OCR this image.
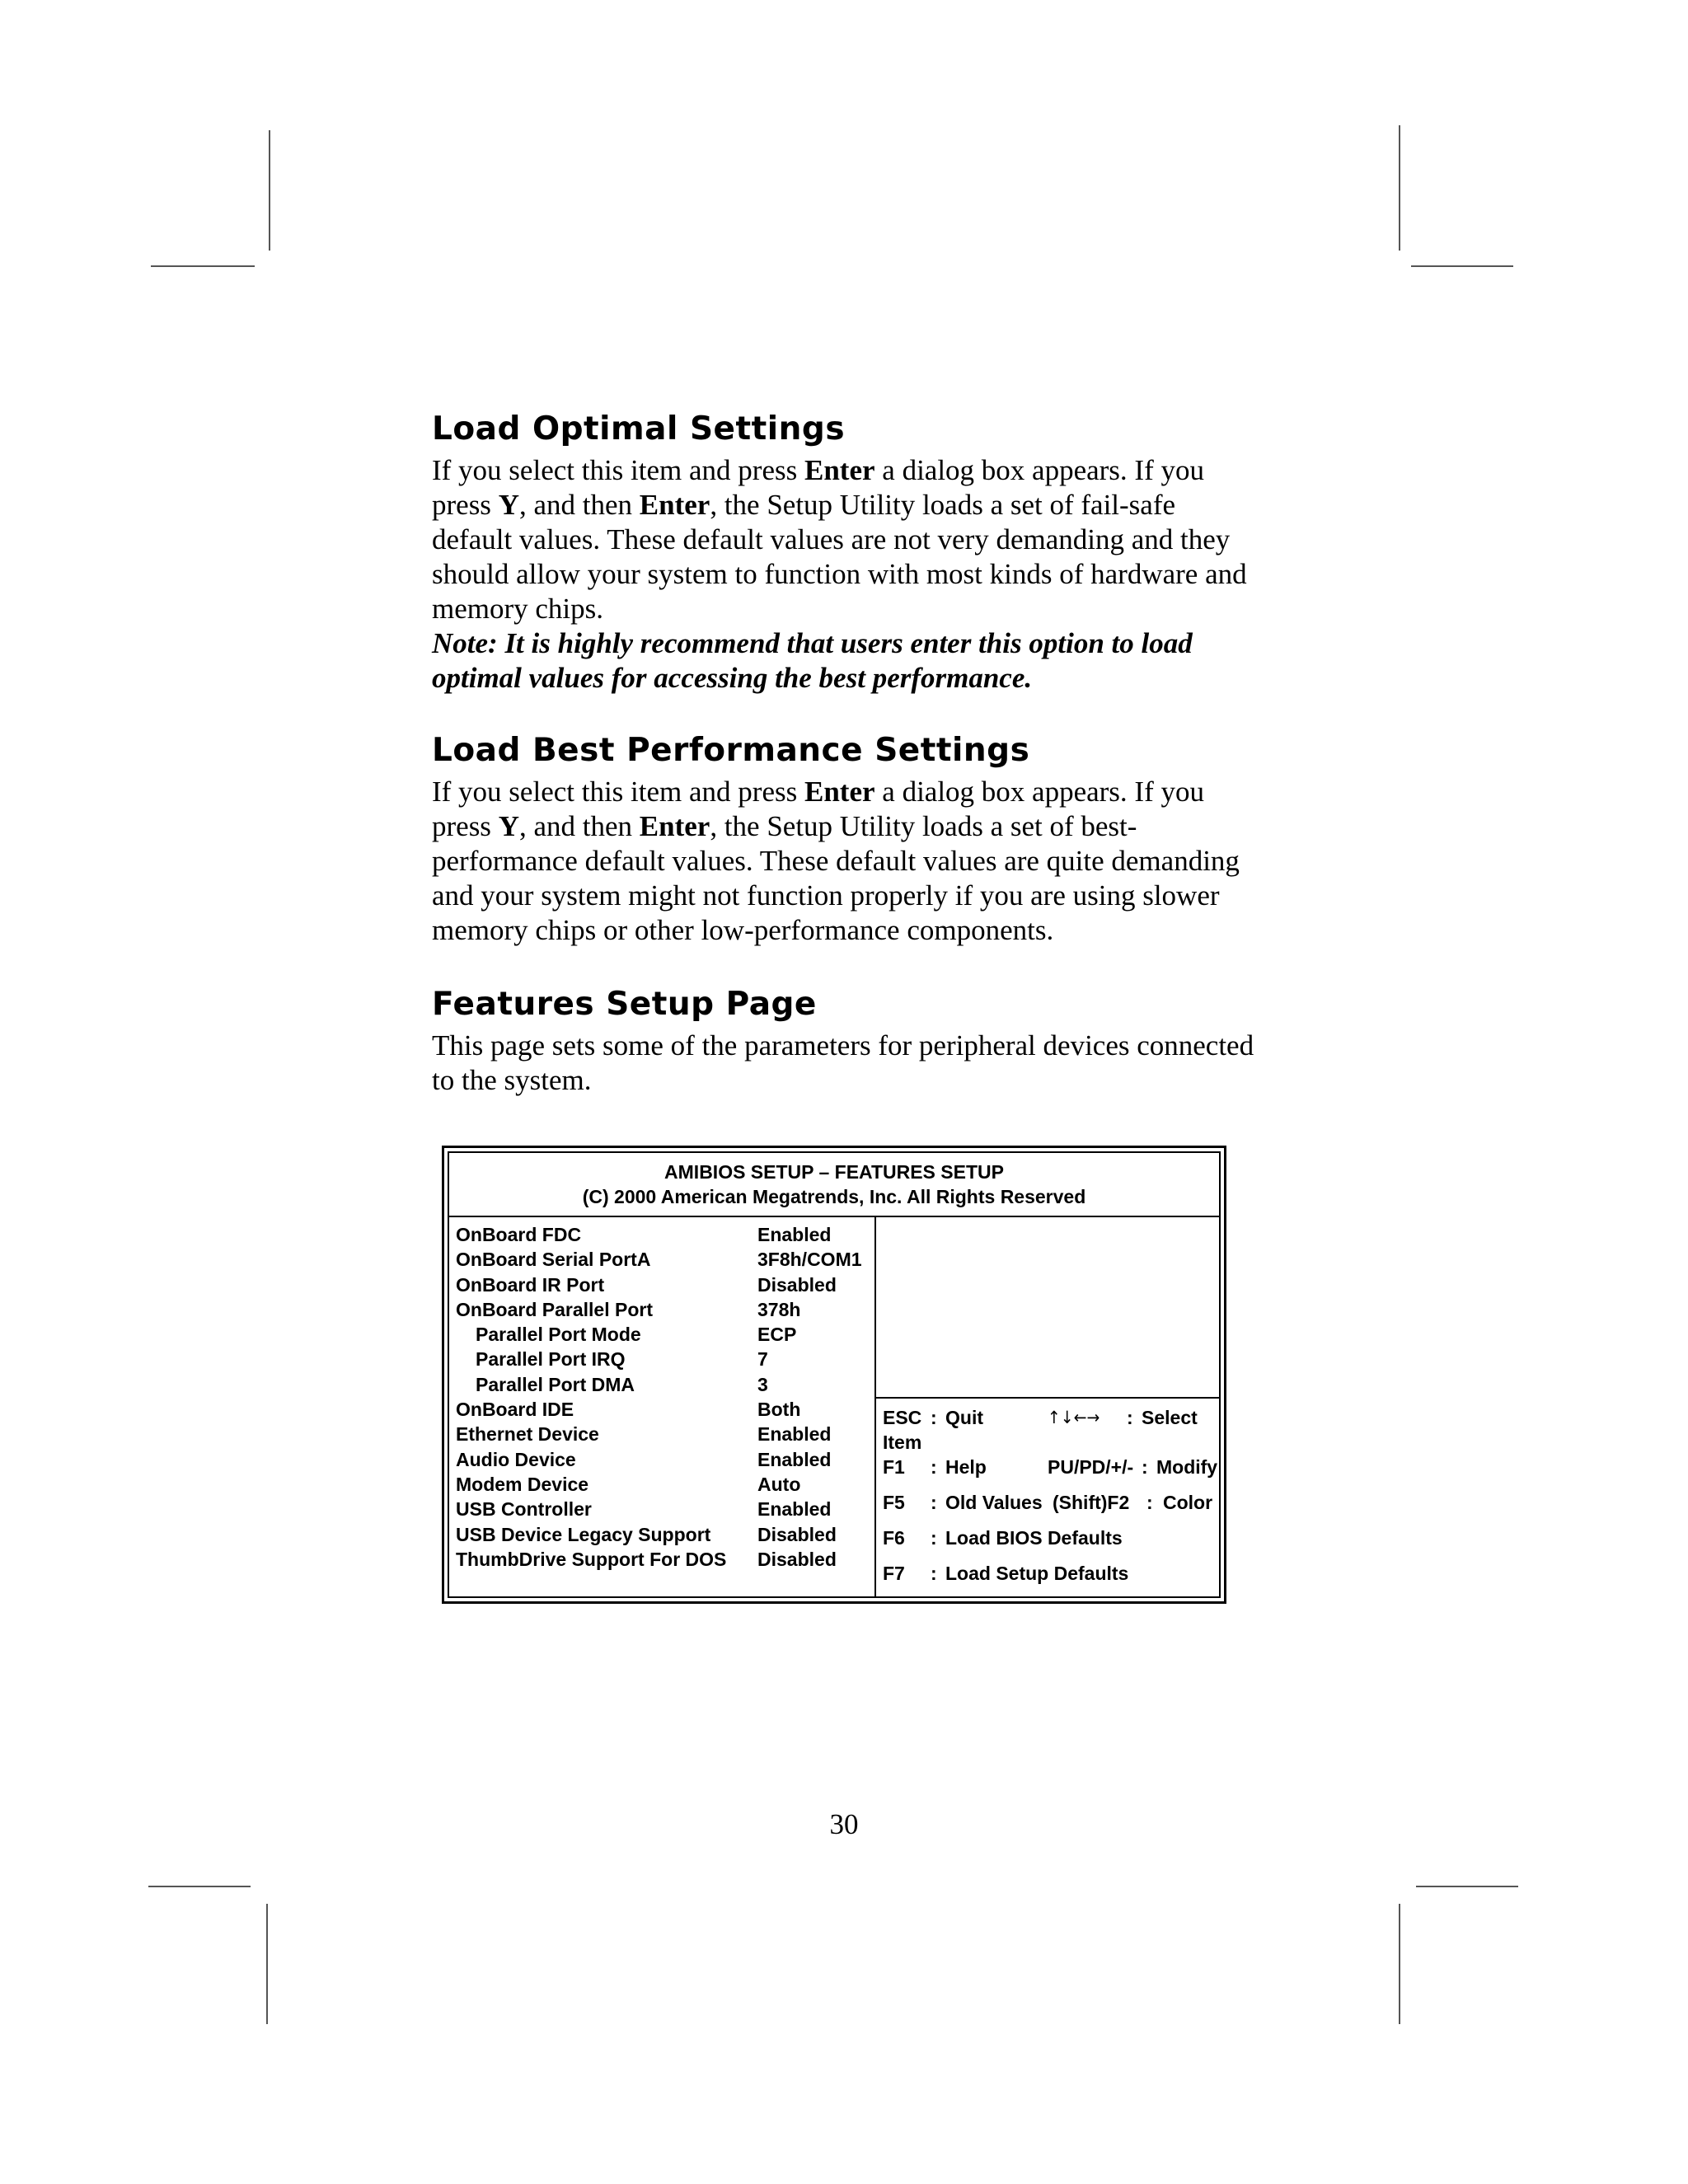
Load Optimal Settings

If you select this item and press Enter a dialog box appears. If you press Y, and then Enter, the Setup Utility loads a set of fail-safe default values. These default values are not very demanding and they should allow your system to function with most kinds of hardware and memory chips.

Note: It is highly recommend that users enter this option to load optimal values for accessing the best performance.

Load Best Performance Settings

If you select this item and press Enter a dialog box appears. If you press Y, and then Enter, the Setup Utility loads a set of best-performance default values. These default values are quite demanding and your system might not function properly if you are using slower memory chips or other low-performance components.

Features Setup Page

This page sets some of the parameters for peripheral devices connected to the system.

AMIBIOS SETUP – FEATURES SETUP
(C) 2000 American Megatrends, Inc. All Rights Reserved
OnBoard FDC	Enabled
OnBoard Serial PortA	3F8h/COM1
OnBoard IR Port	Disabled
OnBoard Parallel Port	378h
Parallel Port Mode	ECP
Parallel Port IRQ	7
Parallel Port DMA	3
OnBoard IDE	Both
Ethernet Device	Enabled
Audio Device	Enabled
Modem Device	Auto
USB Controller	Enabled
USB Device Legacy Support Disabled
ThumbDrive Support For DOS Disabled
ESC : Quit	↑↓←→ : Select
Item
F1 : Help	PU/PD/+/- : Modify
F5 : Old Values (Shift)F2 : Color
F6 : Load BIOS Defaults
F7 : Load Setup Defaults
30
